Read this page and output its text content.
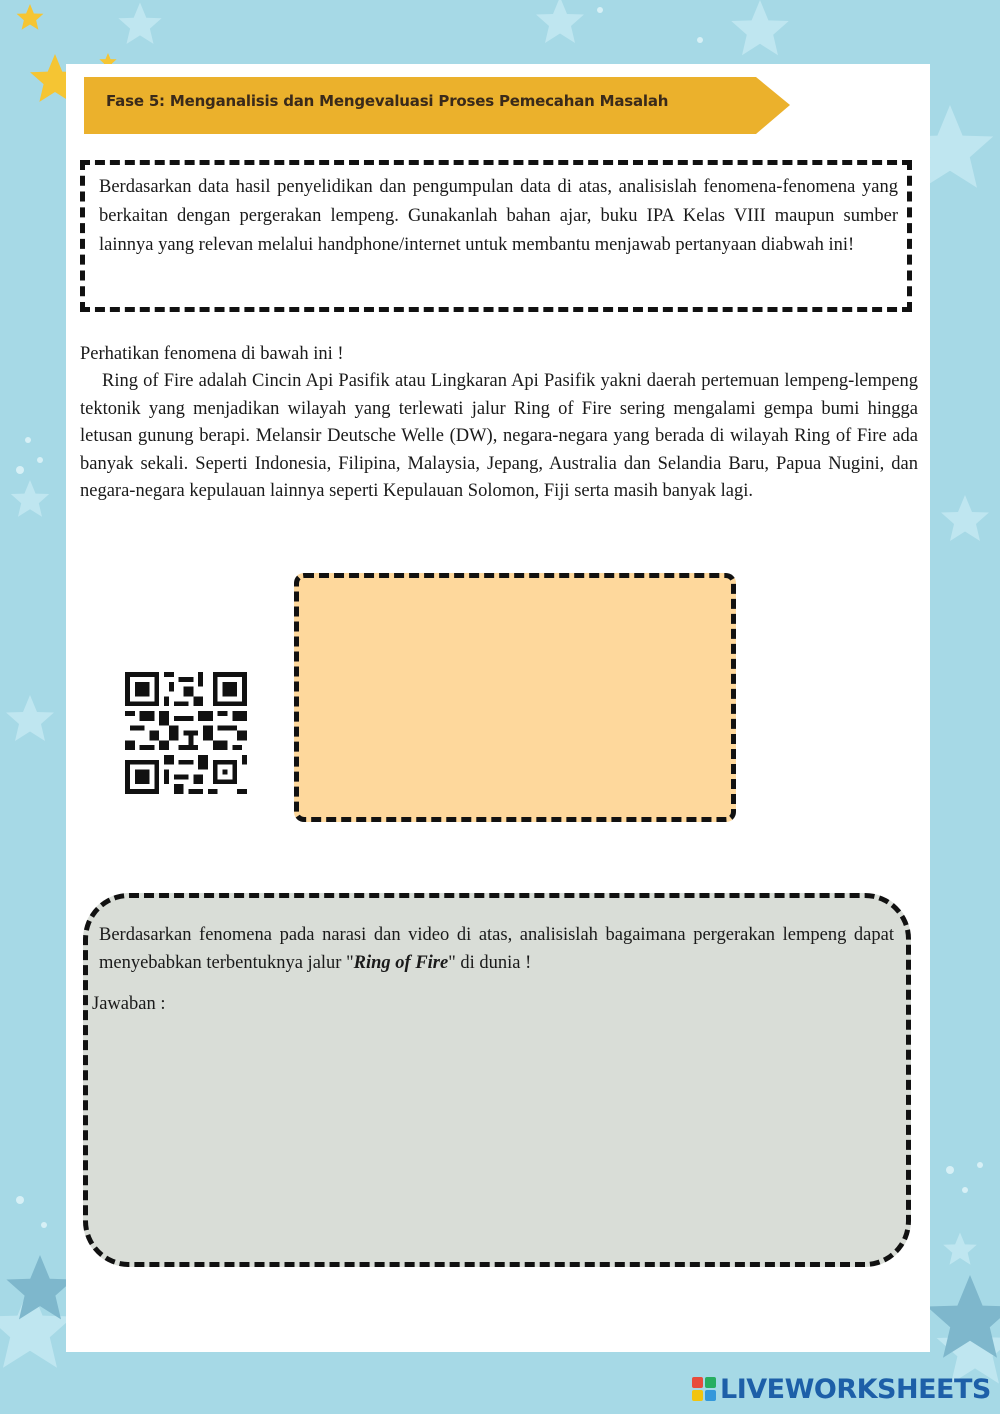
Fase 5: Menganalisis dan Mengevaluasi Proses Pemecahan Masalah

Berdasarkan data hasil penyelidikan dan pengumpulan data di atas, analisislah fenomena-fenomena yang berkaitan dengan pergerakan lempeng. Gunakanlah bahan ajar, buku IPA Kelas VIII maupun sumber lainnya yang relevan melalui handphone/internet untuk membantu menjawab pertanyaan diabwah ini!

Perhatikan fenomena di bawah ini !

Ring of Fire adalah Cincin Api Pasifik atau Lingkaran Api Pasifik yakni daerah pertemuan lempeng-lempeng tektonik yang menjadikan wilayah yang terlewati jalur Ring of Fire sering mengalami gempa bumi hingga letusan gunung berapi. Melansir Deutsche Welle (DW), negara-negara yang berada di wilayah Ring of Fire ada banyak sekali. Seperti Indonesia, Filipina, Malaysia, Jepang, Australia dan Selandia Baru, Papua Nugini, dan negara-negara kepulauan lainnya seperti Kepulauan Solomon, Fiji serta masih banyak lagi.

Berdasarkan fenomena pada narasi dan video di atas, analisislah bagaimana pergerakan lempeng dapat menyebabkan terbentuknya jalur "Ring of Fire" di dunia !

Jawaban :

LIVEWORKSHEETS
